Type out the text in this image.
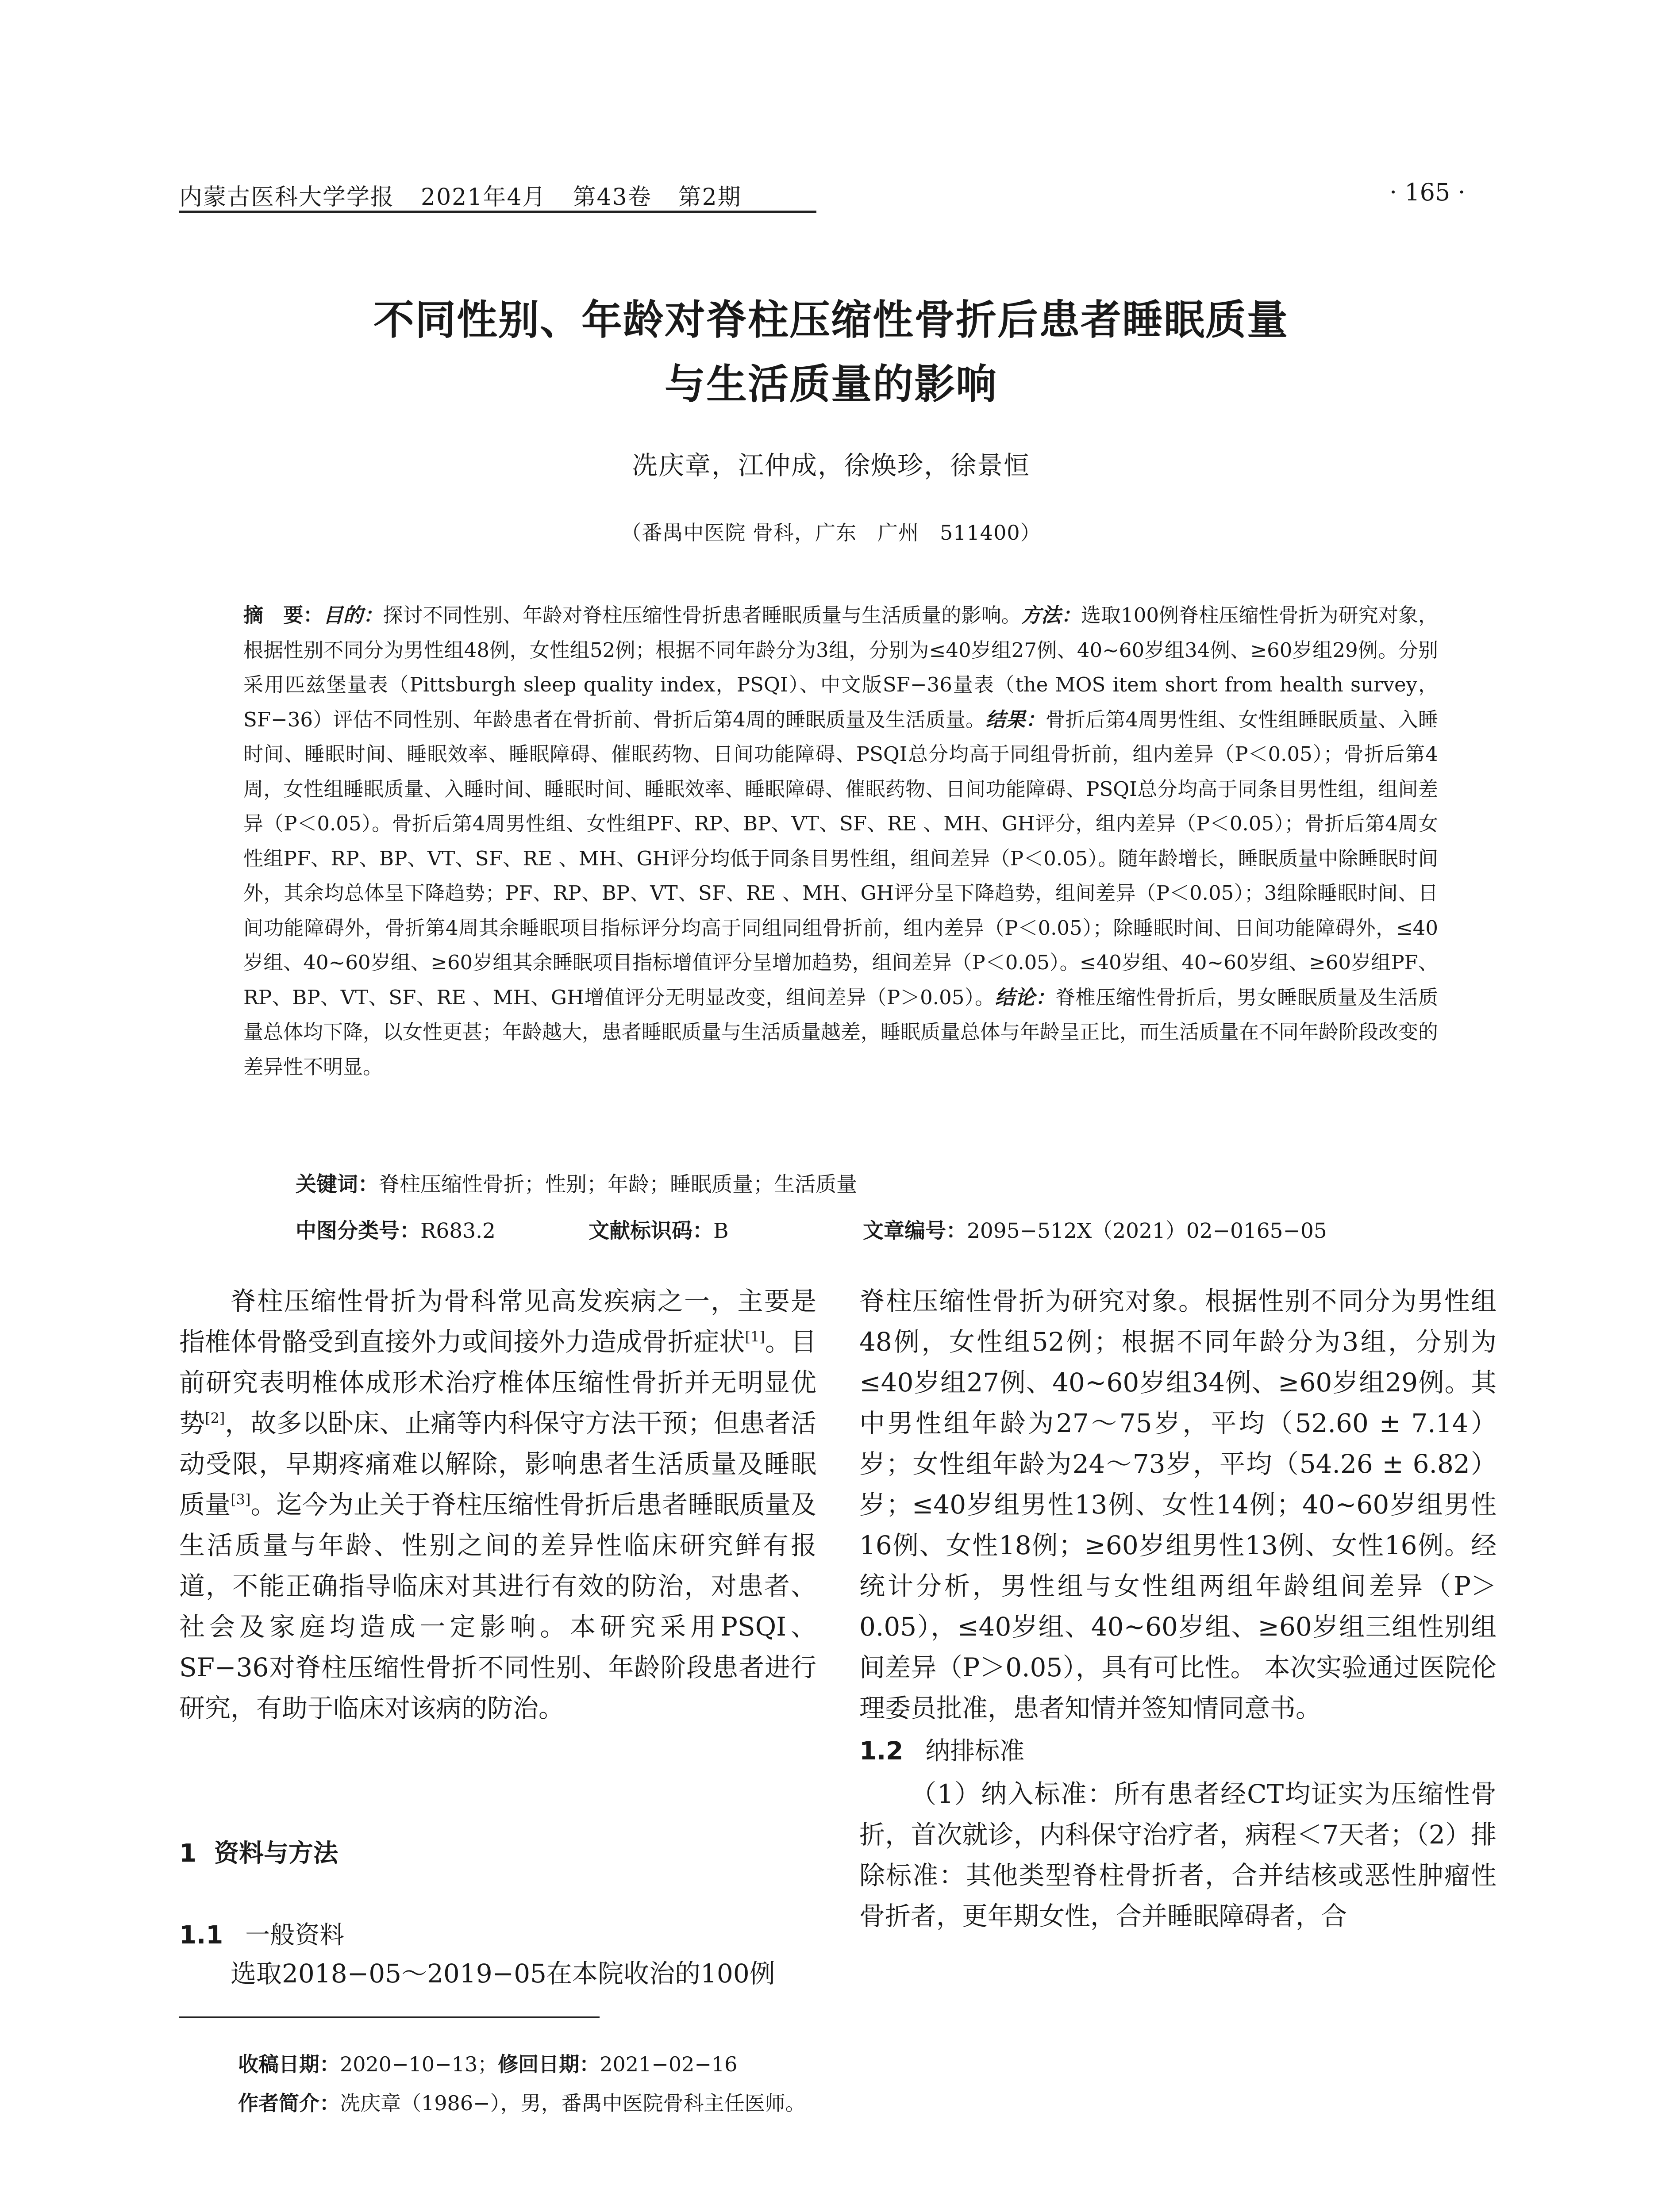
内蒙古医科大学学报 2021年4月 第43卷 第2期	· 165 ·
不同性别、年龄对脊柱压缩性骨折后患者睡眠质量
与生活质量的影响
冼庆章，江仲成，徐焕珍，徐景恒
（番禺中医院 骨科，广东　广州　511400）
摘　要：目的：探讨不同性别、年龄对脊柱压缩性骨折患者睡眠质量与生活质量的影响。方法：选取100例脊柱压缩性骨折为研究对象，根据性别不同分为男性组48例，女性组52例；根据不同年龄分为3组，分别为≤40岁组27例、40~60岁组34例、≥60岁组29例。分别采用匹兹堡量表（Pittsburgh sleep quality index，PSQI）、中文版SF−36量表（the MOS item short from health survey，SF−36）评估不同性别、年龄患者在骨折前、骨折后第4周的睡眠质量及生活质量。结果：骨折后第4周男性组、女性组睡眠质量、入睡时间、睡眠时间、睡眠效率、睡眠障碍、催眠药物、日间功能障碍、PSQI总分均高于同组骨折前，组内差异（P＜0.05）；骨折后第4周，女性组睡眠质量、入睡时间、睡眠时间、睡眠效率、睡眠障碍、催眠药物、日间功能障碍、PSQI总分均高于同条目男性组，组间差异（P＜0.05）。骨折后第4周男性组、女性组PF、RP、BP、VT、SF、RE 、MH、GH评分，组内差异（P＜0.05）；骨折后第4周女性组PF、RP、BP、VT、SF、RE 、MH、GH评分均低于同条目男性组，组间差异（P＜0.05）。随年龄增长，睡眠质量中除睡眠时间外，其余均总体呈下降趋势；PF、RP、BP、VT、SF、RE 、MH、GH评分呈下降趋势，组间差异（P＜0.05）；3组除睡眠时间、日间功能障碍外，骨折第4周其余睡眠项目指标评分均高于同组同组骨折前，组内差异（P＜0.05）；除睡眠时间、日间功能障碍外，≤40岁组、40~60岁组、≥60岁组其余睡眠项目指标增值评分呈增加趋势，组间差异（P＜0.05）。≤40岁组、40~60岁组、≥60岁组PF、RP、BP、VT、SF、RE 、MH、GH增值评分无明显改变，组间差异（P＞0.05）。结论：脊椎压缩性骨折后，男女睡眠质量及生活质量总体均下降，以女性更甚；年龄越大，患者睡眠质量与生活质量越差，睡眠质量总体与年龄呈正比，而生活质量在不同年龄阶段改变的差异性不明显。
关键词：脊柱压缩性骨折；性别；年龄；睡眠质量；生活质量
中图分类号：R683.2	文献标识码：B	文章编号：2095−512X（2021）02−0165−05

脊柱压缩性骨折为骨科常见高发疾病之一，主要是指椎体骨骼受到直接外力或间接外力造成骨折症状[1]。目前研究表明椎体成形术治疗椎体压缩性骨折并无明显优势[2]，故多以卧床、止痛等内科保守方法干预；但患者活动受限，早期疼痛难以解除，影响患者生活质量及睡眠质量[3]。迄今为止关于脊柱压缩性骨折后患者睡眠质量及生活质量与年龄、性别之间的差异性临床研究鲜有报道，不能正确指导临床对其进行有效的防治，对患者、社会及家庭均造成一定影响。本研究采用PSQI、SF−36对脊柱压缩性骨折不同性别、年龄阶段患者进行研究，有助于临床对该病的防治。

1 资料与方法
1.1 一般资料

选取2018−05～2019−05在本院收治的100例

收稿日期：2020−10−13；修回日期：2021−02−16
作者简介：冼庆章（1986−），男，番禺中医院骨科主任医师。

脊柱压缩性骨折为研究对象。根据性别不同分为男性组48例，女性组52例；根据不同年龄分为3组，分别为≤40岁组27例、40~60岁组34例、≥60岁组29例。其中男性组年龄为27～75岁，平均（52.60 ± 7.14）岁；女性组年龄为24～73岁，平均（54.26 ± 6.82）岁；≤40岁组男性13例、女性14例；40~60岁组男性16例、女性18例；≥60岁组男性13例、女性16例。经统计分析，男性组与女性组两组年龄组间差异（P＞0.05），≤40岁组、40~60岁组、≥60岁组三组性别组间差异（P＞0.05），具有可比性。 本次实验通过医院伦理委员批准，患者知情并签知情同意书。

1.2 纳排标准

（1）纳入标准：所有患者经CT均证实为压缩性骨折，首次就诊，内科保守治疗者，病程＜7天者；（2）排除标准：其他类型脊柱骨折者，合并结核或恶性肿瘤性骨折者，更年期女性，合并睡眠障碍者，合
